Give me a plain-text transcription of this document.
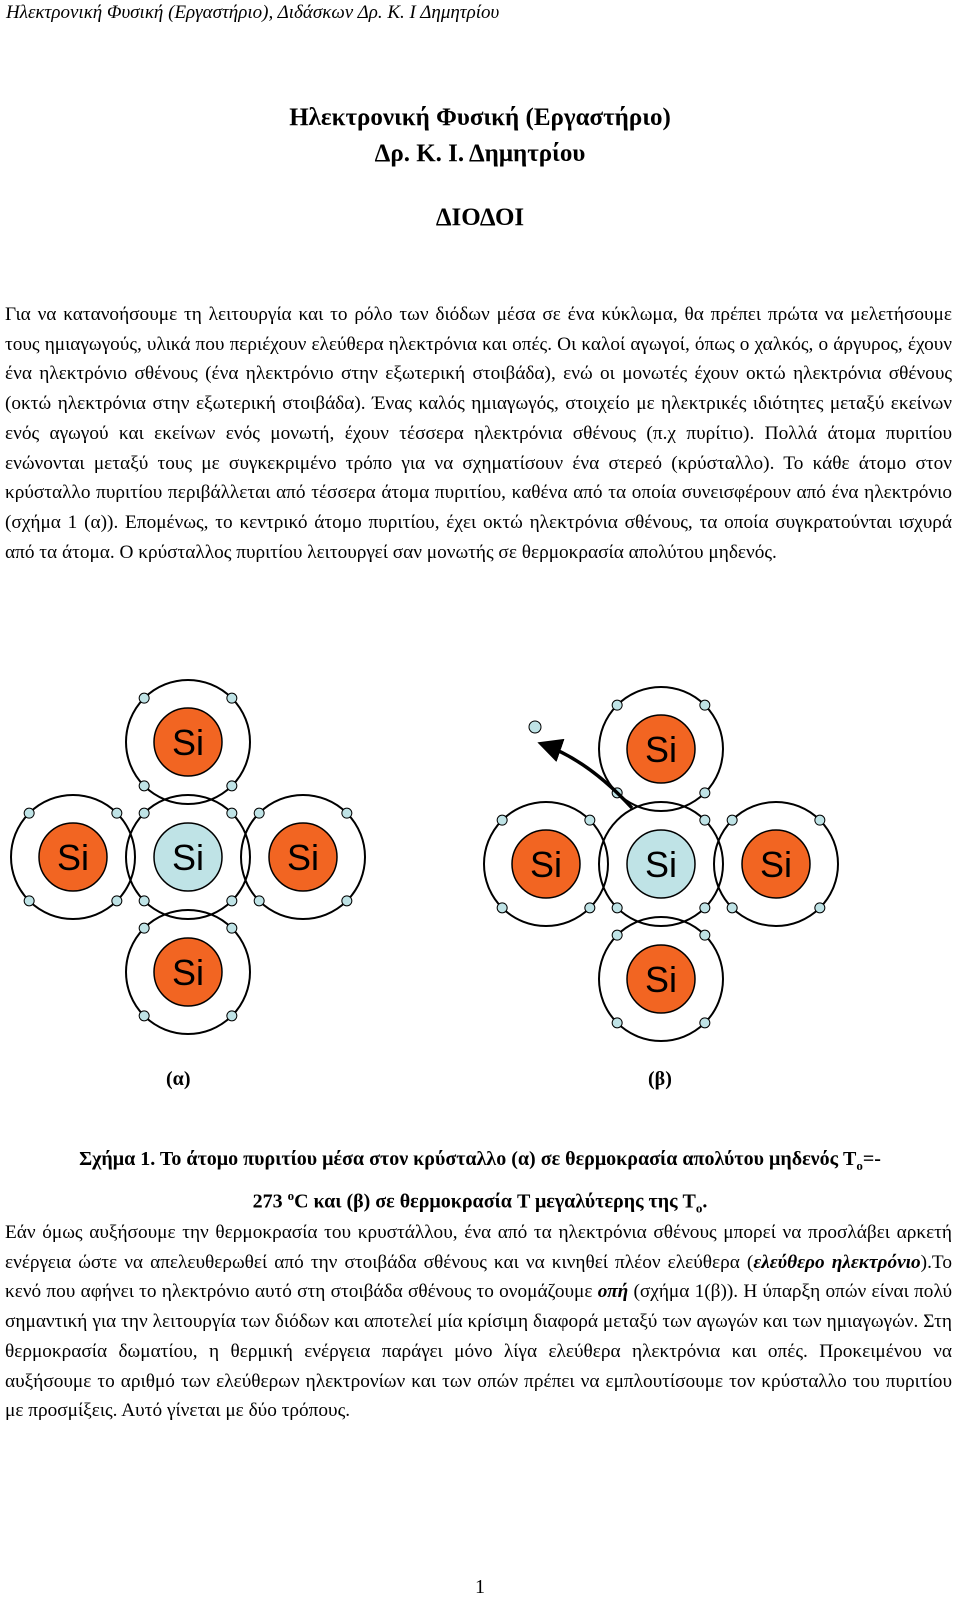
Ηλεκτρονική Φυσική (Εργαστήριο), Διδάσκων Δρ. Κ. Ι Δημητρίου
Ηλεκτρονική Φυσική (Εργαστήριο)
Δρ. Κ. Ι. Δημητρίου
ΔΙΟΔΟΙ
Για να κατανοήσουμε τη λειτουργία και το ρόλο των διόδων μέσα σε ένα κύκλωμα, θα πρέπει πρώτα να μελετήσουμε τους ημιαγωγούς, υλικά που περιέχουν ελεύθερα ηλεκτρόνια και οπές. Οι καλοί αγωγοί, όπως ο χαλκός, ο άργυρος, έχουν ένα ηλεκτρόνιο σθένους (ένα ηλεκτρόνιο στην εξωτερική στοιβάδα), ενώ οι μονωτές έχουν οκτώ ηλεκτρόνια σθένους (οκτώ ηλεκτρόνια στην εξωτερική στοιβάδα). Ένας καλός ημιαγωγός, στοιχείο με ηλεκτρικές ιδιότητες μεταξύ εκείνων ενός αγωγού και εκείνων ενός μονωτή, έχουν τέσσερα ηλεκτρόνια σθένους (π.χ πυρίτιο). Πολλά άτομα πυριτίου ενώνονται μεταξύ τους με συγκεκριμένο τρόπο για να σχηματίσουν ένα στερεό (κρύσταλλο). Το κάθε άτομο στον κρύσταλλο πυριτίου περιβάλλεται από τέσσερα άτομα πυριτίου, καθένα από τα οποία συνεισφέρουν από ένα ηλεκτρόνιο (σχήμα 1 (α)). Επομένως, το κεντρικό άτομο πυριτίου, έχει οκτώ ηλεκτρόνια σθένους, τα οποία συγκρατούνται ισχυρά από τα άτομα. Ο κρύσταλλος πυριτίου λειτουργεί σαν μονωτής σε θερμοκρασία απολύτου μηδενός.
Si
Si	Si
Si
Si
Si
Si	Si
Si
Si
(α)	(β)
Σχήμα 1. Το άτομο πυριτίου μέσα στον κρύσταλλο (α) σε θερμοκρασία απολύτου μηδενός $T_o=-$
273 $^o$C και (β) σε θερμοκρασία T μεγαλύτερης της $T_o$.
Εάν όμως αυξήσουμε την θερμοκρασία του κρυστάλλου, ένα από τα ηλεκτρόνια σθένους μπορεί να προσλάβει αρκετή ενέργεια ώστε να απελευθερωθεί από την στοιβάδα σθένους και να κινηθεί πλέον ελεύθερα (ελεύθερο ηλεκτρόνιο).Το κενό που αφήνει το ηλεκτρόνιο αυτό στη στοιβάδα σθένους το ονομάζουμε οπή (σχήμα 1(β)). Η ύπαρξη οπών είναι πολύ σημαντική για την λειτουργία των διόδων και αποτελεί μία κρίσιμη διαφορά μεταξύ των αγωγών και των ημιαγωγών. Στη θερμοκρασία δωματίου, η θερμική ενέργεια παράγει μόνο λίγα ελεύθερα ηλεκτρόνια και οπές. Προκειμένου να αυξήσουμε το αριθμό των ελεύθερων ηλεκτρονίων και των οπών πρέπει να εμπλουτίσουμε τον κρύσταλλο του πυριτίου με προσμίξεις. Αυτό γίνεται με δύο τρόπους.
1
